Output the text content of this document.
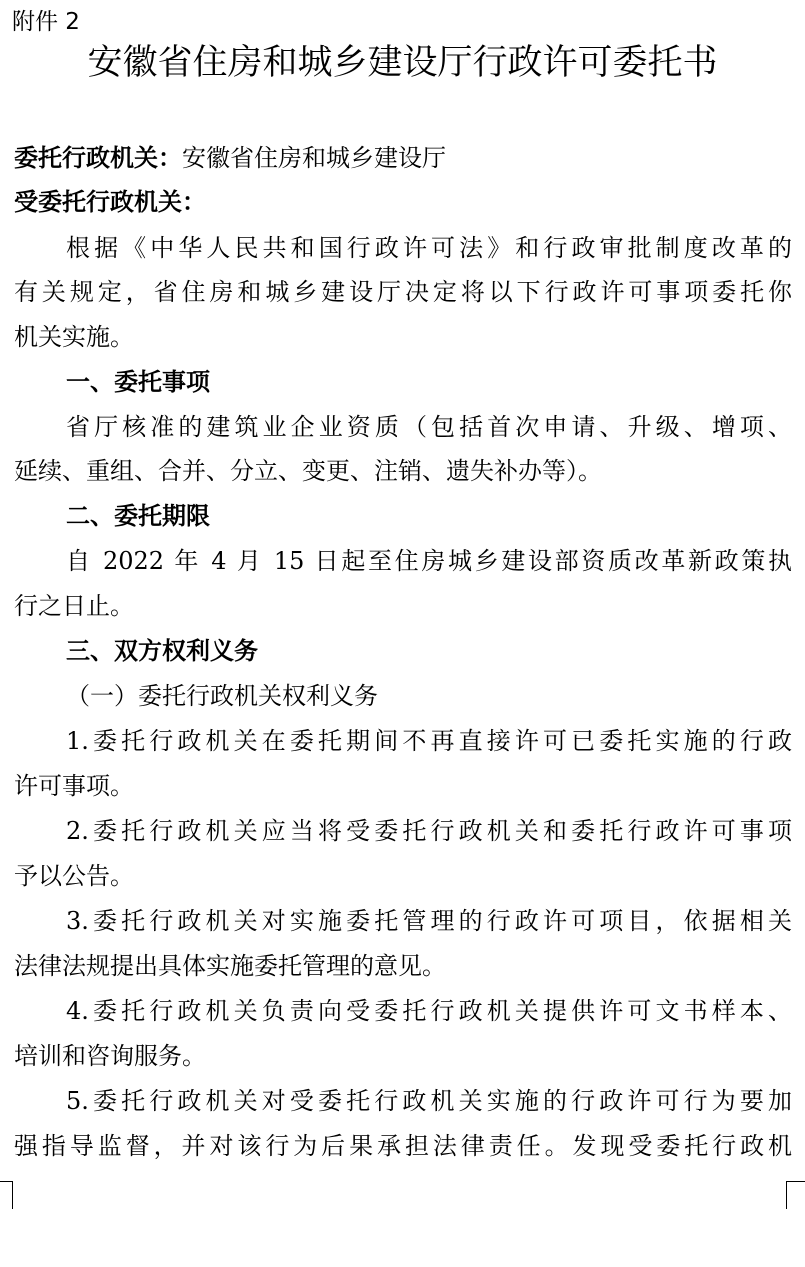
附件 2
安徽省住房和城乡建设厅行政许可委托书
委托行政机关：安徽省住房和城乡建设厅
受委托行政机关：
根据《中华人民共和国行政许可法》和行政审批制度改革的
有关规定，省住房和城乡建设厅决定将以下行政许可事项委托你
机关实施。
一、委托事项
省厅核准的建筑业企业资质（包括首次申请、升级、增项、
延续、重组、合并、分立、变更、注销、遗失补办等）。
二、委托期限
自 2022 年 4 月 15 日起至住房城乡建设部资质改革新政策执
行之日止。
三、双方权利义务
（一）委托行政机关权利义务
1.委托行政机关在委托期间不再直接许可已委托实施的行政
许可事项。
2.委托行政机关应当将受委托行政机关和委托行政许可事项
予以公告。
3.委托行政机关对实施委托管理的行政许可项目，依据相关
法律法规提出具体实施委托管理的意见。
4.委托行政机关负责向受委托行政机关提供许可文书样本、
培训和咨询服务。
5.委托行政机关对受委托行政机关实施的行政许可行为要加
强指导监督，并对该行为后果承担法律责任。发现受委托行政机
